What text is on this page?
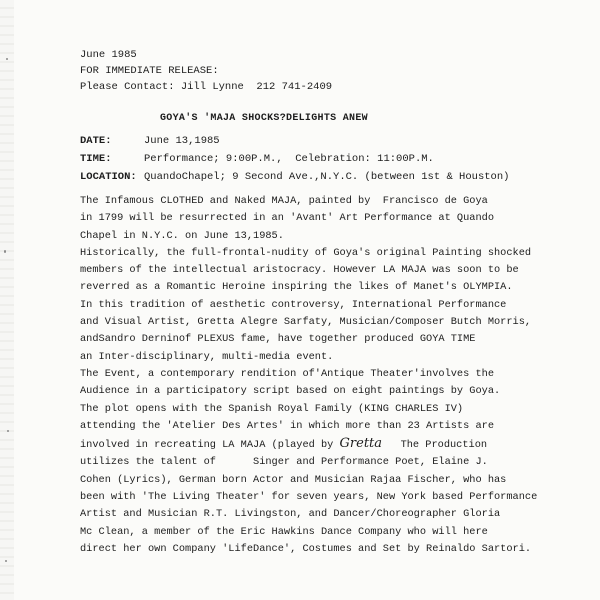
June 1985
FOR IMMEDIATE RELEASE:
Please Contact: Jill Lynne  212 741-2409
GOYA'S 'MAJA SHOCKS?DELIGHTS ANEW
DATE:	June 13,1985
TIME:	Performance; 9:00P.M.,  Celebration: 11:00P.M.
LOCATION: QuandoChapel; 9 Second Ave.,N.Y.C. (between 1st & Houston)
The Infamous CLOTHED and Naked MAJA, painted by  Francisco de Goya
in 1799 will be resurrected in an 'Avant' Art Performance at Quando
Chapel in N.Y.C. on June 13,1985.
Historically, the full-frontal-nudity of Goya's original Painting shocked
members of the intellectual aristocracy. However LA MAJA was soon to be
reverred as a Romantic Heroine inspiring the likes of Manet's OLYMPIA.
In this tradition of aesthetic controversy, International Performance
and Visual Artist, Gretta Alegre Sarfaty, Musician/Composer Butch Morris,
andSandro Derninof PLEXUS fame, have together produced GOYA TIME
an Inter-disciplinary, multi-media event.
The Event, a contemporary rendition of'Antique Theater'involves the
Audience in a participatory script based on eight paintings by Goya.
The plot opens with the Spanish Royal Family (KING CHARLES IV)
attending the 'Atelier Des Artes' in which more than 23 Artists are
involved in recreating LA MAJA (played by Gretta   The Production
utilizes the talent of      Singer and Performance Poet, Elaine J.
Cohen (Lyrics), German born Actor and Musician Rajaa Fischer, who has
been with 'The Living Theater' for seven years, New York based Performance
Artist and Musician R.T. Livingston, and Dancer/Choreographer Gloria
Mc Clean, a member of the Eric Hawkins Dance Company who will here
direct her own Company 'LifeDance', Costumes and Set by Reinaldo Sartori.
